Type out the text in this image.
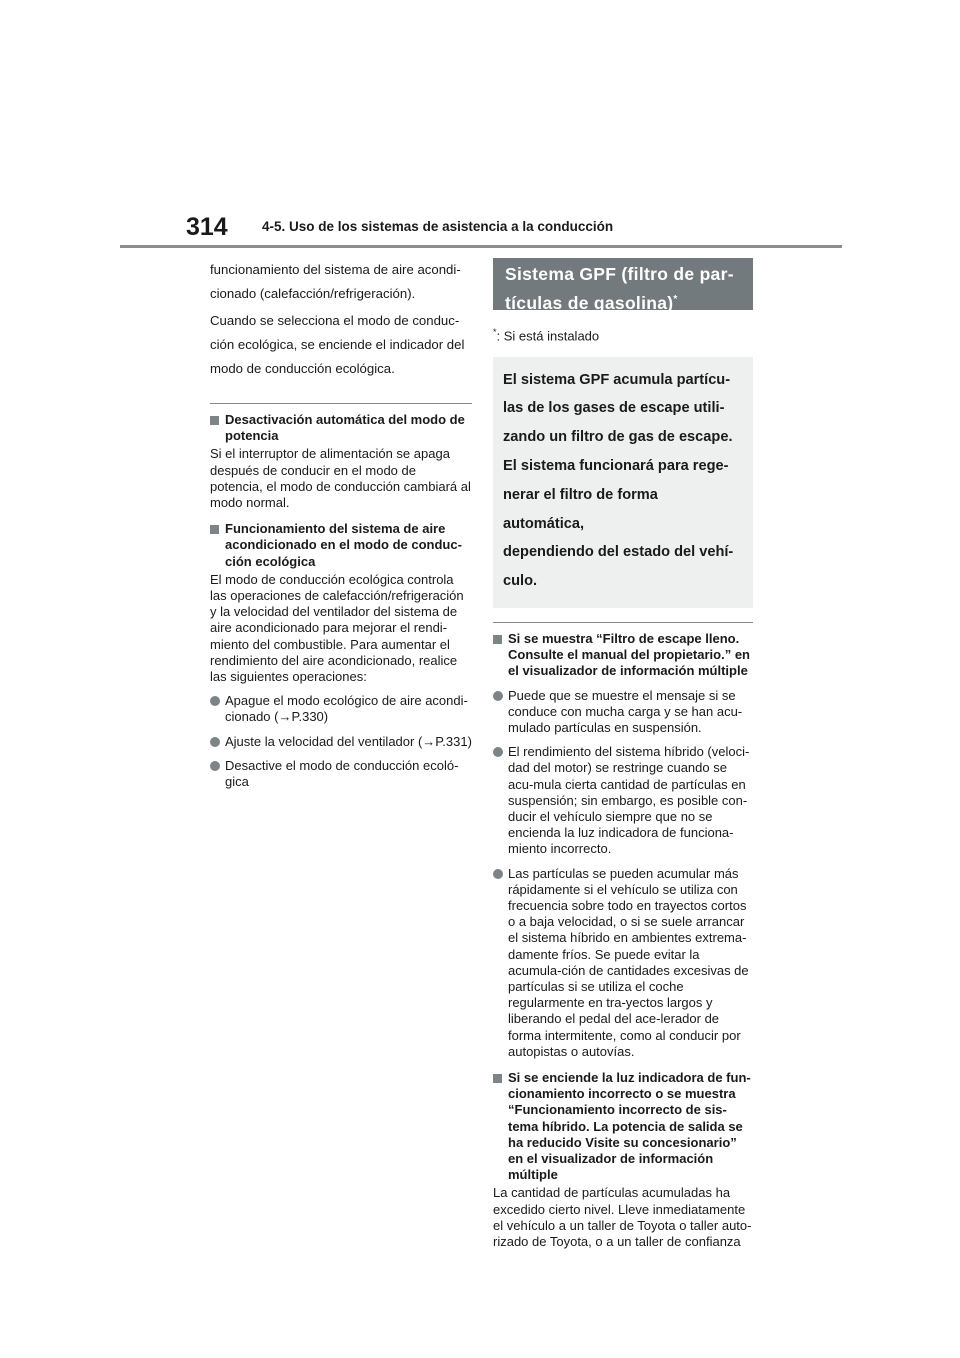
314	4-5. Uso de los sistemas de asistencia a la conducción

funcionamiento del sistema de aire acondi-

cionado (calefacción/refrigeración).

Cuando se selecciona el modo de conduc-

ción ecológica, se enciende el indicador del

modo de conducción ecológica.

Desactivación automática del modo de potencia
Si el interruptor de alimentación se apaga después de conducir en el modo de potencia, el modo de conducción cambiará al modo normal.
Funcionamiento del sistema de aire acondicionado en el modo de conduc-ción ecológica
El modo de conducción ecológica controla las operaciones de calefacción/refrigeración y la velocidad del ventilador del sistema de aire acondicionado para mejorar el rendi-miento del combustible. Para aumentar el rendimiento del aire acondicionado, realice las siguientes operaciones:
Apague el modo ecológico de aire acondi-cionado (→P.330)
Ajuste la velocidad del ventilador (→P.331)
Desactive el modo de conducción ecoló-gica
Sistema GPF (filtro de par-tículas de gasolina)*
*: Si está instalado
El sistema GPF acumula partícu-
las de los gases de escape utili-
zando un filtro de gas de escape.
El sistema funcionará para rege-
nerar el filtro de forma automática,
dependiendo del estado del vehí-
culo.
Si se muestra “Filtro de escape lleno. Consulte el manual del propietario.” en el visualizador de información múltiple
Puede que se muestre el mensaje si se conduce con mucha carga y se han acu-mulado partículas en suspensión.
El rendimiento del sistema híbrido (veloci-dad del motor) se restringe cuando se acu-mula cierta cantidad de partículas en suspensión; sin embargo, es posible con-ducir el vehículo siempre que no se encienda la luz indicadora de funciona-miento incorrecto.
Las partículas se pueden acumular más rápidamente si el vehículo se utiliza con frecuencia sobre todo en trayectos cortos o a baja velocidad, o si se suele arrancar el sistema híbrido en ambientes extrema-damente fríos. Se puede evitar la acumula-ción de cantidades excesivas de partículas si se utiliza el coche regularmente en tra-yectos largos y liberando el pedal del ace-lerador de forma intermitente, como al conducir por autopistas o autovías.
Si se enciende la luz indicadora de fun-cionamiento incorrecto o se muestra “Funcionamiento incorrecto de sis-tema híbrido. La potencia de salida se ha reducido Visite su concesionario” en el visualizador de información múltiple
La cantidad de partículas acumuladas ha excedido cierto nivel. Lleve inmediatamente el vehículo a un taller de Toyota o taller auto-rizado de Toyota, o a un taller de confianza
